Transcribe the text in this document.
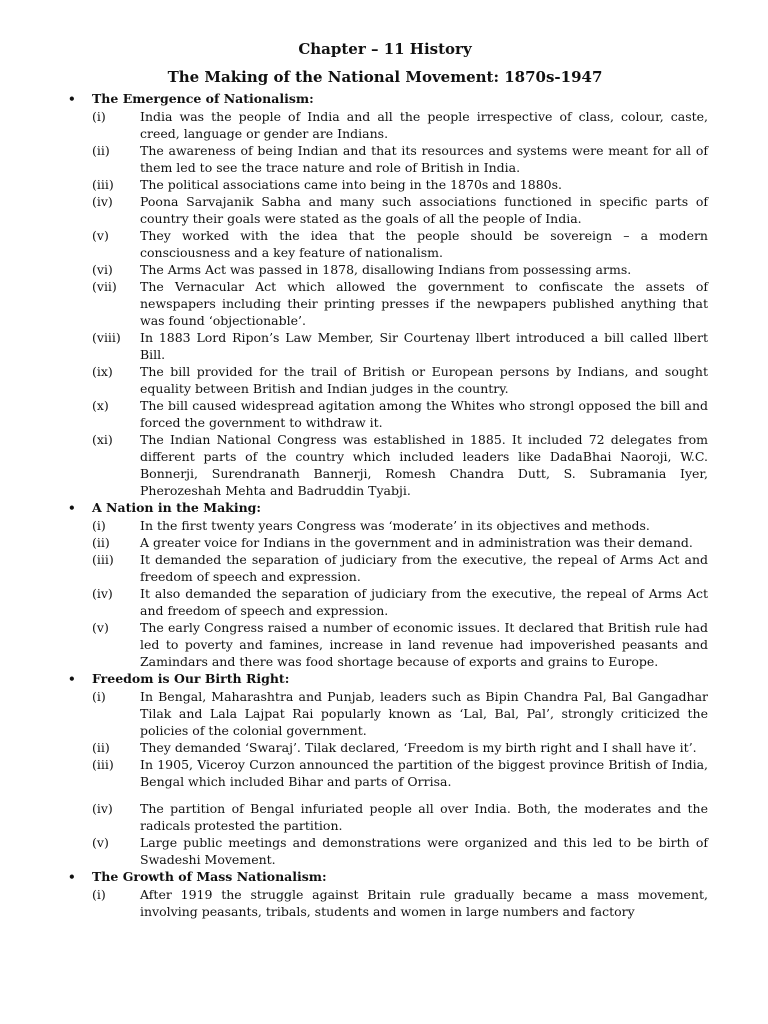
Chapter – 11 History
The Making of the National Movement: 1870s-1947
•	The Emergence of Nationalism:
(i)	India was the people of India and all the people irrespective of class, colour, caste, creed, language or gender are Indians.
(ii)	The awareness of being Indian and that its resources and systems were meant for all of them led to see the trace nature and role of British in India.
(iii)	The political associations came into being in the 1870s and 1880s.
(iv)	Poona Sarvajanik Sabha and many such associations functioned in specific parts of country their goals were stated as the goals of all the people of India.
(v)	They worked with the idea that the people should be sovereign – a modern consciousness and a key feature of nationalism.
(vi)	The Arms Act was passed in 1878, disallowing Indians from possessing arms.
(vii)	The Vernacular Act which allowed the government to confiscate the assets of newspapers including their printing presses if the newpapers published anything that was found ‘objectionable’.
(viii)	In 1883 Lord Ripon’s Law Member, Sir Courtenay llbert introduced a bill called llbert Bill.
(ix)	The bill provided for the trail of British or European persons by Indians, and sought equality between British and Indian judges in the country.
(x)	The bill caused widespread agitation among the Whites who strongl opposed the bill and forced the government to withdraw it.
(xi)	The Indian National Congress was established in 1885. It included 72 delegates from different parts of the country which included leaders like DadaBhai Naoroji, W.C. Bonnerji, Surendranath Bannerji, Romesh Chandra Dutt, S. Subramania Iyer, Pherozeshah Mehta and Badruddin Tyabji.
•	A Nation in the Making:
(i)	In the first twenty years Congress was ‘moderate’ in its objectives and methods.
(ii)	A greater voice for Indians in the government and in administration was their demand.
(iii)	It demanded the separation of judiciary from the executive, the repeal of Arms Act and freedom of speech and expression.
(iv)	It also demanded the separation of judiciary from the executive, the repeal of Arms Act and freedom of speech and expression.
(v)	The early Congress raised a number of economic issues. It declared that British rule had led to poverty and famines, increase in land revenue had impoverished peasants and Zamindars and there was food shortage because of exports and grains to Europe.
•	Freedom is Our Birth Right:
(i)	In Bengal, Maharashtra and Punjab, leaders such as Bipin Chandra Pal, Bal Gangadhar Tilak and Lala Lajpat Rai popularly known as ‘Lal, Bal, Pal’, strongly criticized the policies of the colonial government.
(ii)	They demanded ‘Swaraj’. Tilak declared, ‘Freedom is my birth right and I shall have it’.
(iii)	In 1905, Viceroy Curzon announced the partition of the biggest province British of India, Bengal which included Bihar and parts of Orrisa.
(iv)	The partition of Bengal infuriated people all over India. Both, the moderates and the radicals protested the partition.
(v)	Large public meetings and demonstrations were organized and this led to be birth of Swadeshi Movement.
•	The Growth of Mass Nationalism:
(i)	After 1919 the struggle against Britain rule gradually became a mass movement, involving peasants, tribals, students and women in large numbers and factory
